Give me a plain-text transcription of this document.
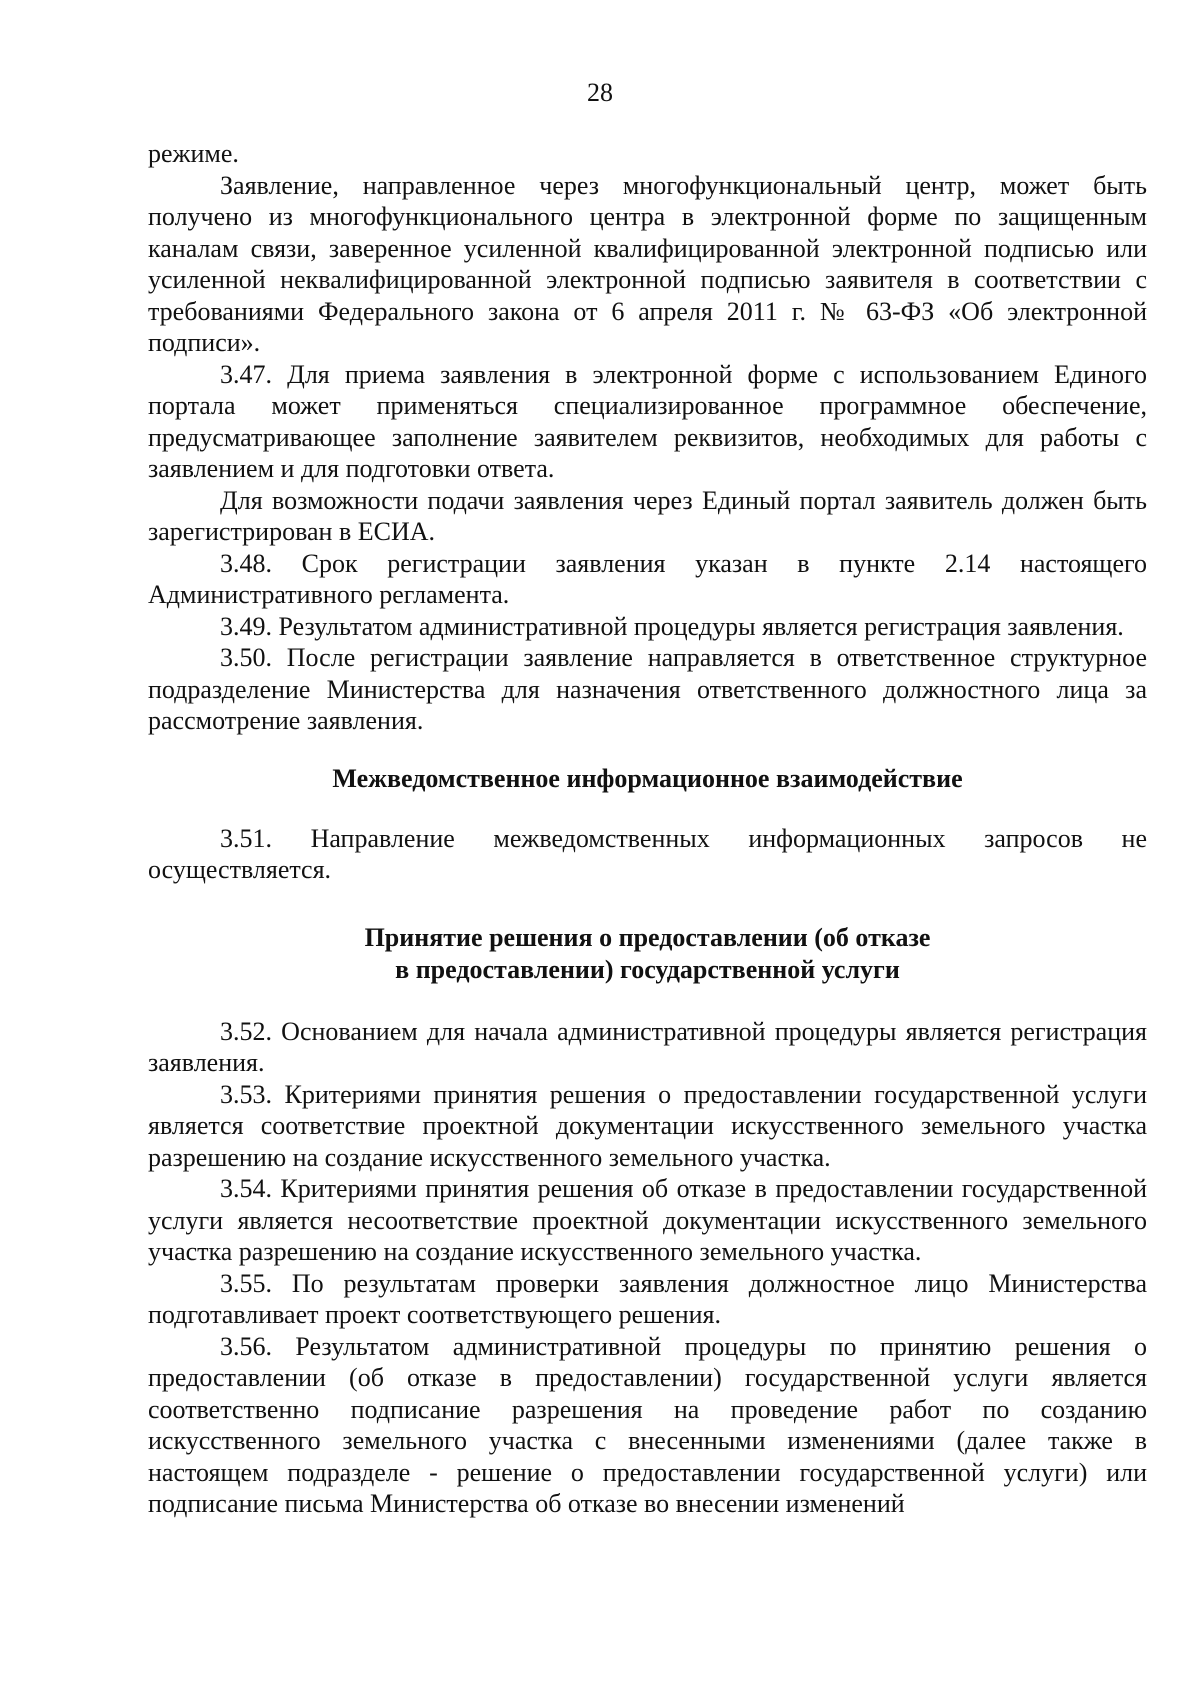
28

режиме.

Заявление, направленное через многофункциональный центр, может быть получено из многофункционального центра в электронной форме по защищенным каналам связи, заверенное усиленной квалифицированной электронной подписью или усиленной неквалифицированной электронной подписью заявителя в соответствии с требованиями Федерального закона от 6 апреля 2011 г. № 63-ФЗ «Об электронной подписи».

3.47. Для приема заявления в электронной форме с использованием Единого портала может применяться специализированное программное обеспечение, предусматривающее заполнение заявителем реквизитов, необходимых для работы с заявлением и для подготовки ответа.

Для возможности подачи заявления через Единый портал заявитель должен быть зарегистрирован в ЕСИА.

3.48. Срок регистрации заявления указан в пункте 2.14 настоящего Административного регламента.

3.49. Результатом административной процедуры является регистрация заявления.

3.50. После регистрации заявление направляется в ответственное структурное подразделение Министерства для назначения ответственного должностного лица за рассмотрение заявления.

Межведомственное информационное взаимодействие

3.51. Направление межведомственных информационных запросов не осуществляется.

Принятие решения о предоставлении (об отказе
в предоставлении) государственной услуги

3.52. Основанием для начала административной процедуры является регистрация заявления.

3.53. Критериями принятия решения о предоставлении государственной услуги является соответствие проектной документации искусственного земельного участка разрешению на создание искусственного земельного участка.

3.54. Критериями принятия решения об отказе в предоставлении государственной услуги является несоответствие проектной документации искусственного земельного участка разрешению на создание искусственного земельного участка.

3.55. По результатам проверки заявления должностное лицо Министерства подготавливает проект соответствующего решения.

3.56. Результатом административной процедуры по принятию решения о предоставлении (об отказе в предоставлении) государственной услуги является соответственно подписание разрешения на проведение работ по созданию искусственного земельного участка с внесенными изменениями (далее также в настоящем подразделе - решение о предоставлении государственной услуги) или подписание письма Министерства об отказе во внесении изменений
